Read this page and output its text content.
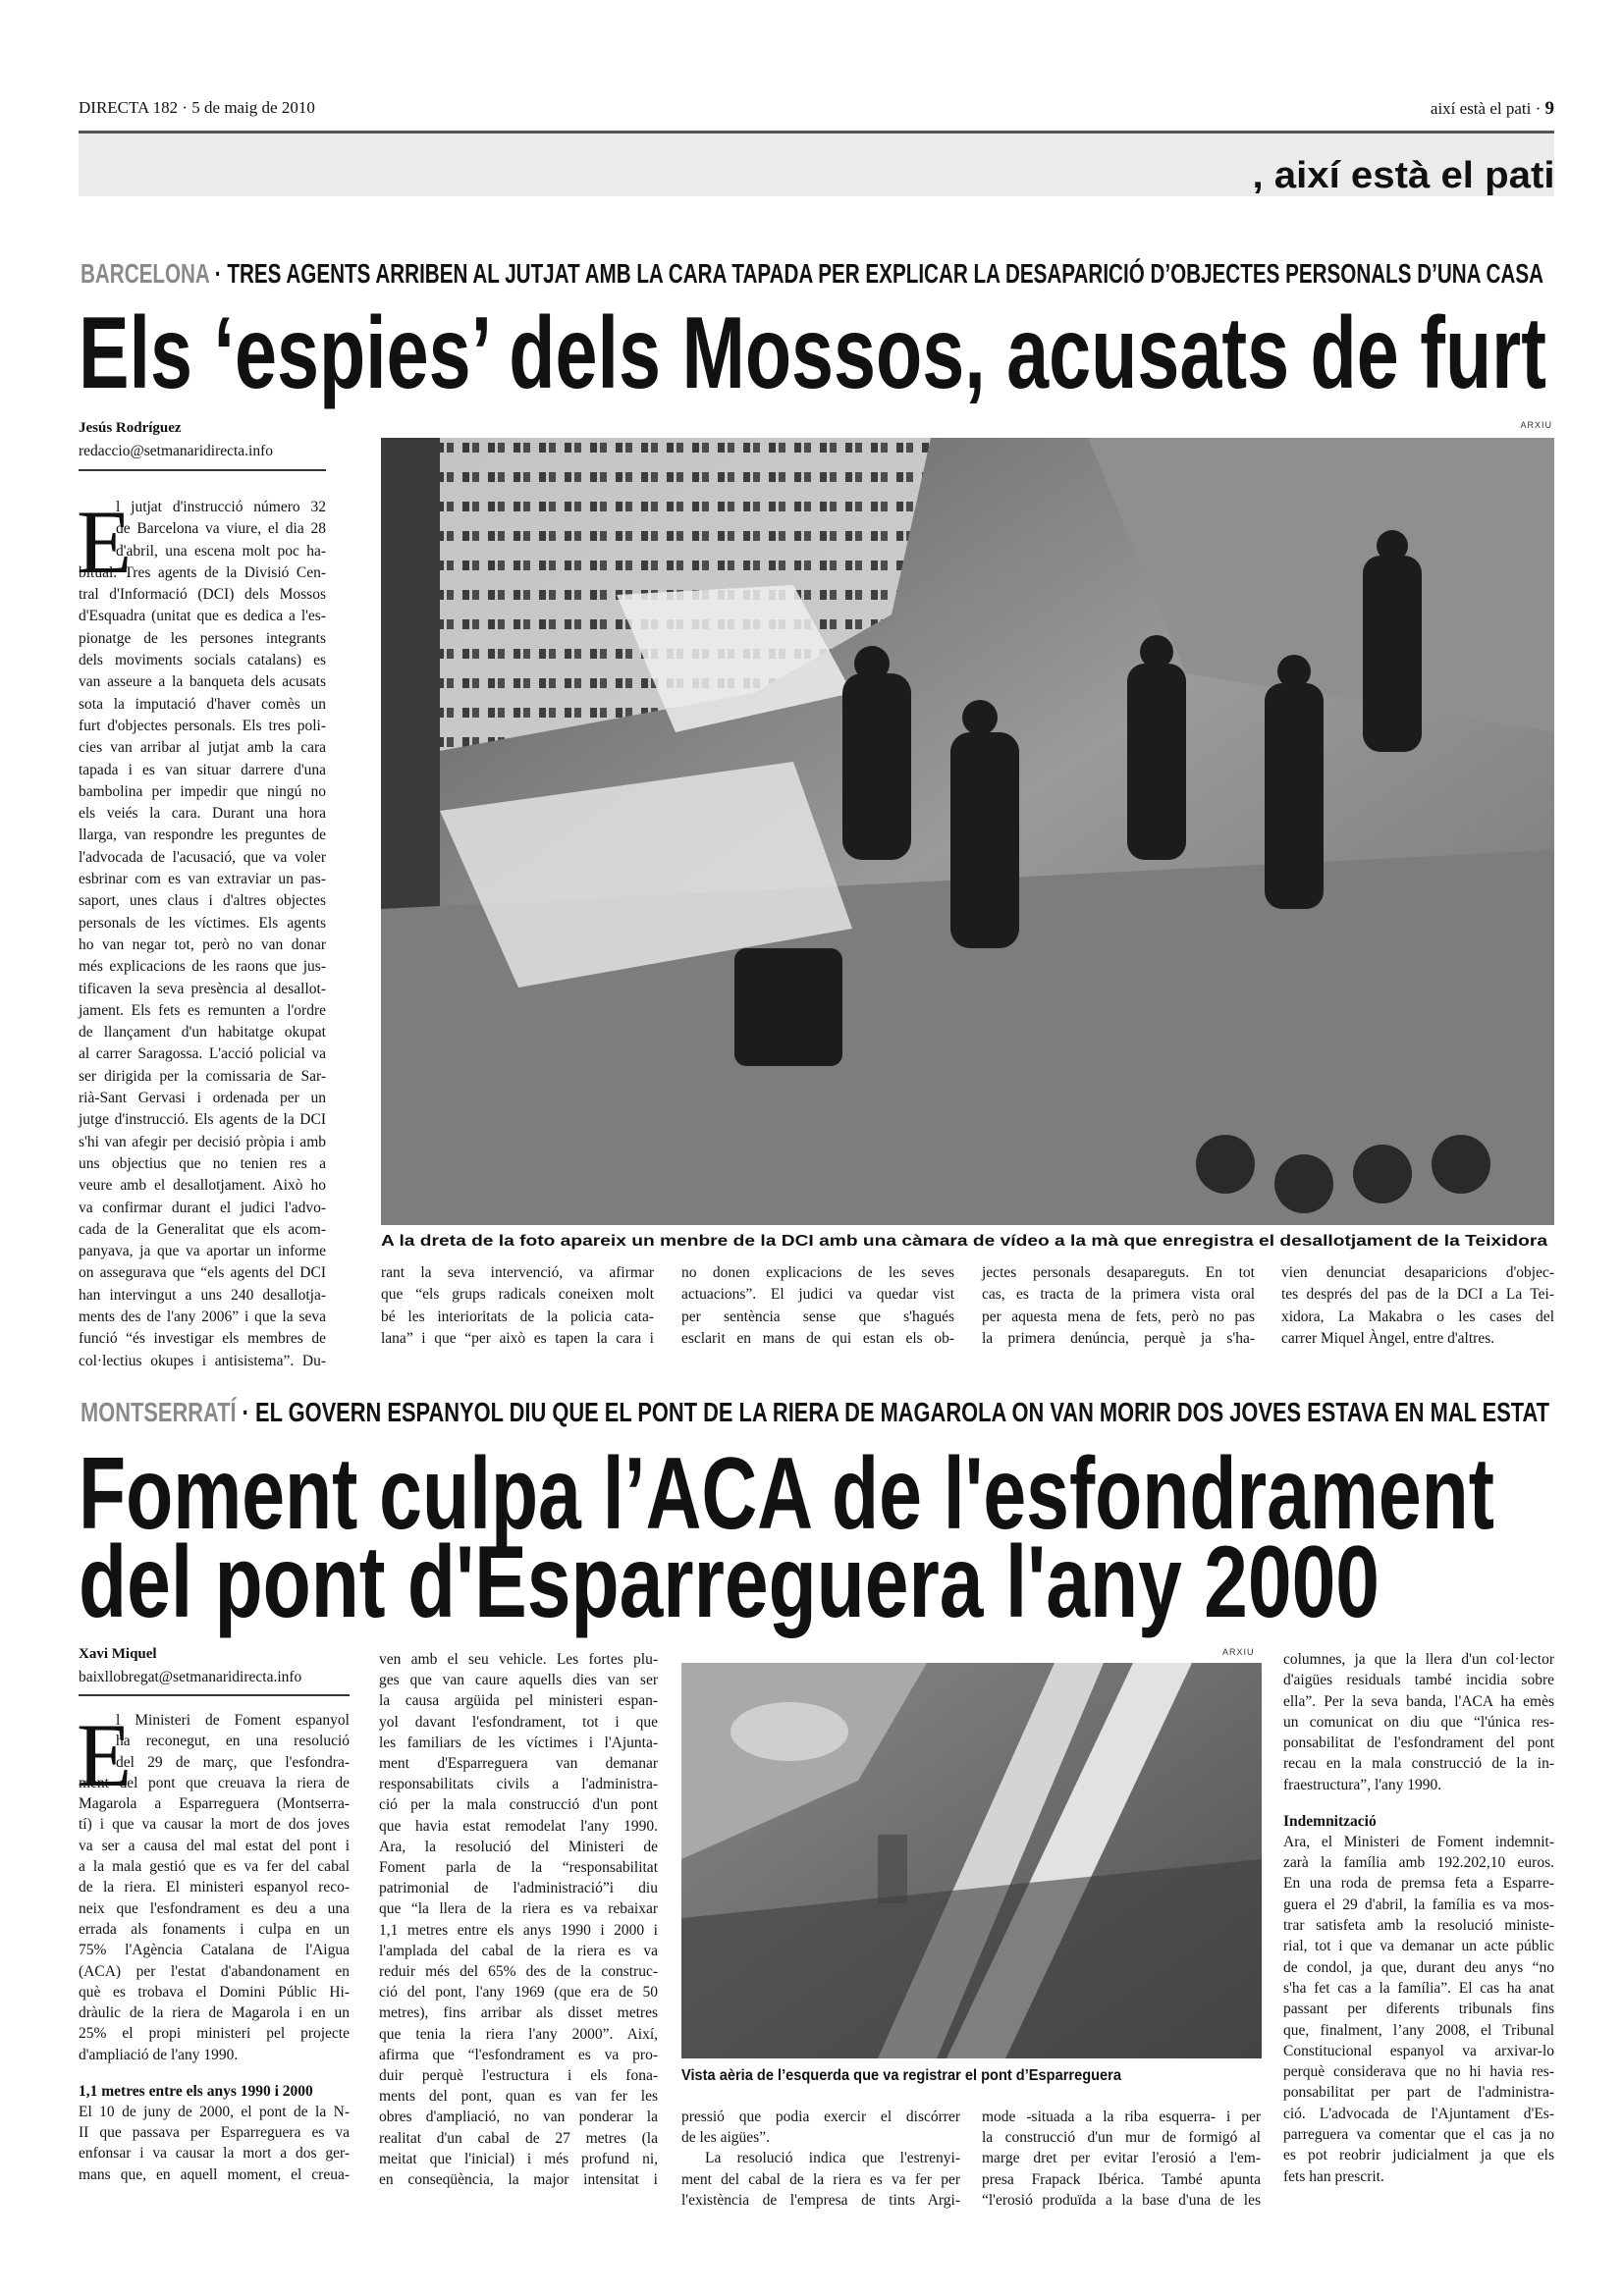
DIRECTA 182 · 5 de maig de 2010	així està el pati · 9
, així està el pati
BARCELONA · TRES AGENTS ARRIBEN AL JUTJAT AMB LA CARA TAPADA PER EXPLICAR LA DESAPARICIÓ D’OBJECTES PERSONALS D’UNA CASA
Els ‘espies’ dels Mossos, acusats de furt
Jesús Rodríguez
redaccio@setmanaridirecta.info
ARXIU
A la dreta de la foto apareix un menbre de la DCI amb una càmara de vídeo a la mà que enregistra el desallotjament de la Teixidora
E
l jutjat d'instrucció número 32
de Barcelona va viure, el dia 28
d'abril, una escena molt poc ha-
bitual. Tres agents de la Divisió Cen-
tral d'Informació (DCI) dels Mossos
d'Esquadra (unitat que es dedica a l'es-
pionatge de les persones integrants
dels moviments socials catalans) es
van asseure a la banqueta dels acusats
sota la imputació d'haver comès un
furt d'objectes personals. Els tres poli-
cies van arribar al jutjat amb la cara
tapada i es van situar darrere d'una
bambolina per impedir que ningú no
els veiés la cara. Durant una hora
llarga, van respondre les preguntes de
l'advocada de l'acusació, que va voler
esbrinar com es van extraviar un pas-
saport, unes claus i d'altres objectes
personals de les víctimes. Els agents
ho van negar tot, però no van donar
més explicacions de les raons que jus-
tificaven la seva presència al desallot-
jament. Els fets es remunten a l'ordre
de llançament d'un habitatge okupat
al carrer Saragossa. L'acció policial va
ser dirigida per la comissaria de Sar-
rià-Sant Gervasi i ordenada per un
jutge d'instrucció. Els agents de la DCI
s'hi van afegir per decisió pròpia i amb
uns objectius que no tenien res a
veure amb el desallotjament. Això ho
va confirmar durant el judici l'advo-
cada de la Generalitat que els acom-
panyava, ja que va aportar un informe
on assegurava que “els agents del DCI
han intervingut a uns 240 desallotja-
ments des de l'any 2006” i que la seva
funció “és investigar els membres de
col·lectius okupes i antisistema”. Du-
rant la seva intervenció, va afirmar
que “els grups radicals coneixen molt
bé les interioritats de la policia cata-
lana” i que “per això es tapen la cara i
no donen explicacions de les seves
actuacions”. El judici va quedar vist
per sentència sense que s'hagués
esclarit en mans de qui estan els ob-
jectes personals desapareguts. En tot
cas, es tracta de la primera vista oral
per aquesta mena de fets, però no pas
la primera denúncia, perquè ja s'ha-
vien denunciat desaparicions d'objec-
tes després del pas de la DCI a La Tei-
xidora, La Makabra o les cases del
carrer Miquel Àngel, entre d'altres.
MONTSERRATÍ · EL GOVERN ESPANYOL DIU QUE EL PONT DE LA RIERA DE MAGAROLA ON VAN MORIR DOS JOVES ESTAVA EN MAL ESTAT
Foment culpa l’ACA de l'esfondrament
del pont d'Esparreguera l'any 2000
Xavi Miquel
baixllobregat@setmanaridirecta.info
ARXIU
Vista aèria de l’esquerda que va registrar el pont d’Esparreguera
E
l Ministeri de Foment espanyol
ha reconegut, en una resolució
del 29 de març, que l'esfondra-
ment del pont que creuava la riera de
Magarola a Esparreguera (Montserra-
tí) i que va causar la mort de dos joves
va ser a causa del mal estat del pont i
a la mala gestió que es va fer del cabal
de la riera. El ministeri espanyol reco-
neix que l'esfondrament es deu a una
errada als fonaments i culpa en un
75% l'Agència Catalana de l'Aigua
(ACA) per l'estat d'abandonament en
què es trobava el Domini Públic Hi-
dràulic de la riera de Magarola i en un
25% el propi ministeri pel projecte
d'ampliació de l'any 1990.
1,1 metres entre els anys 1990 i 2000
El 10 de juny de 2000, el pont de la N-
II que passava per Esparreguera es va
enfonsar i va causar la mort a dos ger-
mans que, en aquell moment, el creua-
ven amb el seu vehicle. Les fortes plu-
ges que van caure aquells dies van ser
la causa argüida pel ministeri espan-
yol davant l'esfondrament, tot i que
les familiars de les víctimes i l'Ajunta-
ment d'Esparreguera van demanar
responsabilitats civils a l'administra-
ció per la mala construcció d'un pont
que havia estat remodelat l'any 1990.
Ara, la resolució del Ministeri de
Foment parla de la “responsabilitat
patrimonial de l'administració”i diu
que “la llera de la riera es va rebaixar
1,1 metres entre els anys 1990 i 2000 i
l'amplada del cabal de la riera es va
reduir més del 65% des de la construc-
ció del pont, l'any 1969 (que era de 50
metres), fins arribar als disset metres
que tenia la riera l'any 2000”. Així,
afirma que “l'esfondrament es va pro-
duir perquè l'estructura i els fona-
ments del pont, quan es van fer les
obres d'ampliació, no van ponderar la
realitat d'un cabal de 27 metres (la
meitat que l'inicial) i més profund ni,
en conseqüència, la major intensitat i
pressió que podia exercir el discórrer
de les aigües”.
La resolució indica que l'estrenyi-
ment del cabal de la riera es va fer per
l'existència de l'empresa de tints Argi-
mode -situada a la riba esquerra- i per
la construcció d'un mur de formigó al
marge dret per evitar l'erosió a l'em-
presa Frapack Ibérica. També apunta
“l'erosió produïda a la base d'una de les
columnes, ja que la llera d'un col·lector
d'aigües residuals també incidia sobre
ella”. Per la seva banda, l'ACA ha emès
un comunicat on diu que “l'única res-
ponsabilitat de l'esfondrament del pont
recau en la mala construcció de la in-
fraestructura”, l'any 1990.
Indemnització
Ara, el Ministeri de Foment indemnit-
zarà la família amb 192.202,10 euros.
En una roda de premsa feta a Esparre-
guera el 29 d'abril, la família es va mos-
trar satisfeta amb la resolució ministe-
rial, tot i que va demanar un acte públic
de condol, ja que, durant deu anys “no
s'ha fet cas a la família”. El cas ha anat
passant per diferents tribunals fins
que, finalment, l’any 2008, el Tribunal
Constitucional espanyol va arxivar-lo
perquè considerava que no hi havia res-
ponsabilitat per part de l'administra-
ció. L'advocada de l'Ajuntament d'Es-
parreguera va comentar que el cas ja no
es pot reobrir judicialment ja que els
fets han prescrit.
